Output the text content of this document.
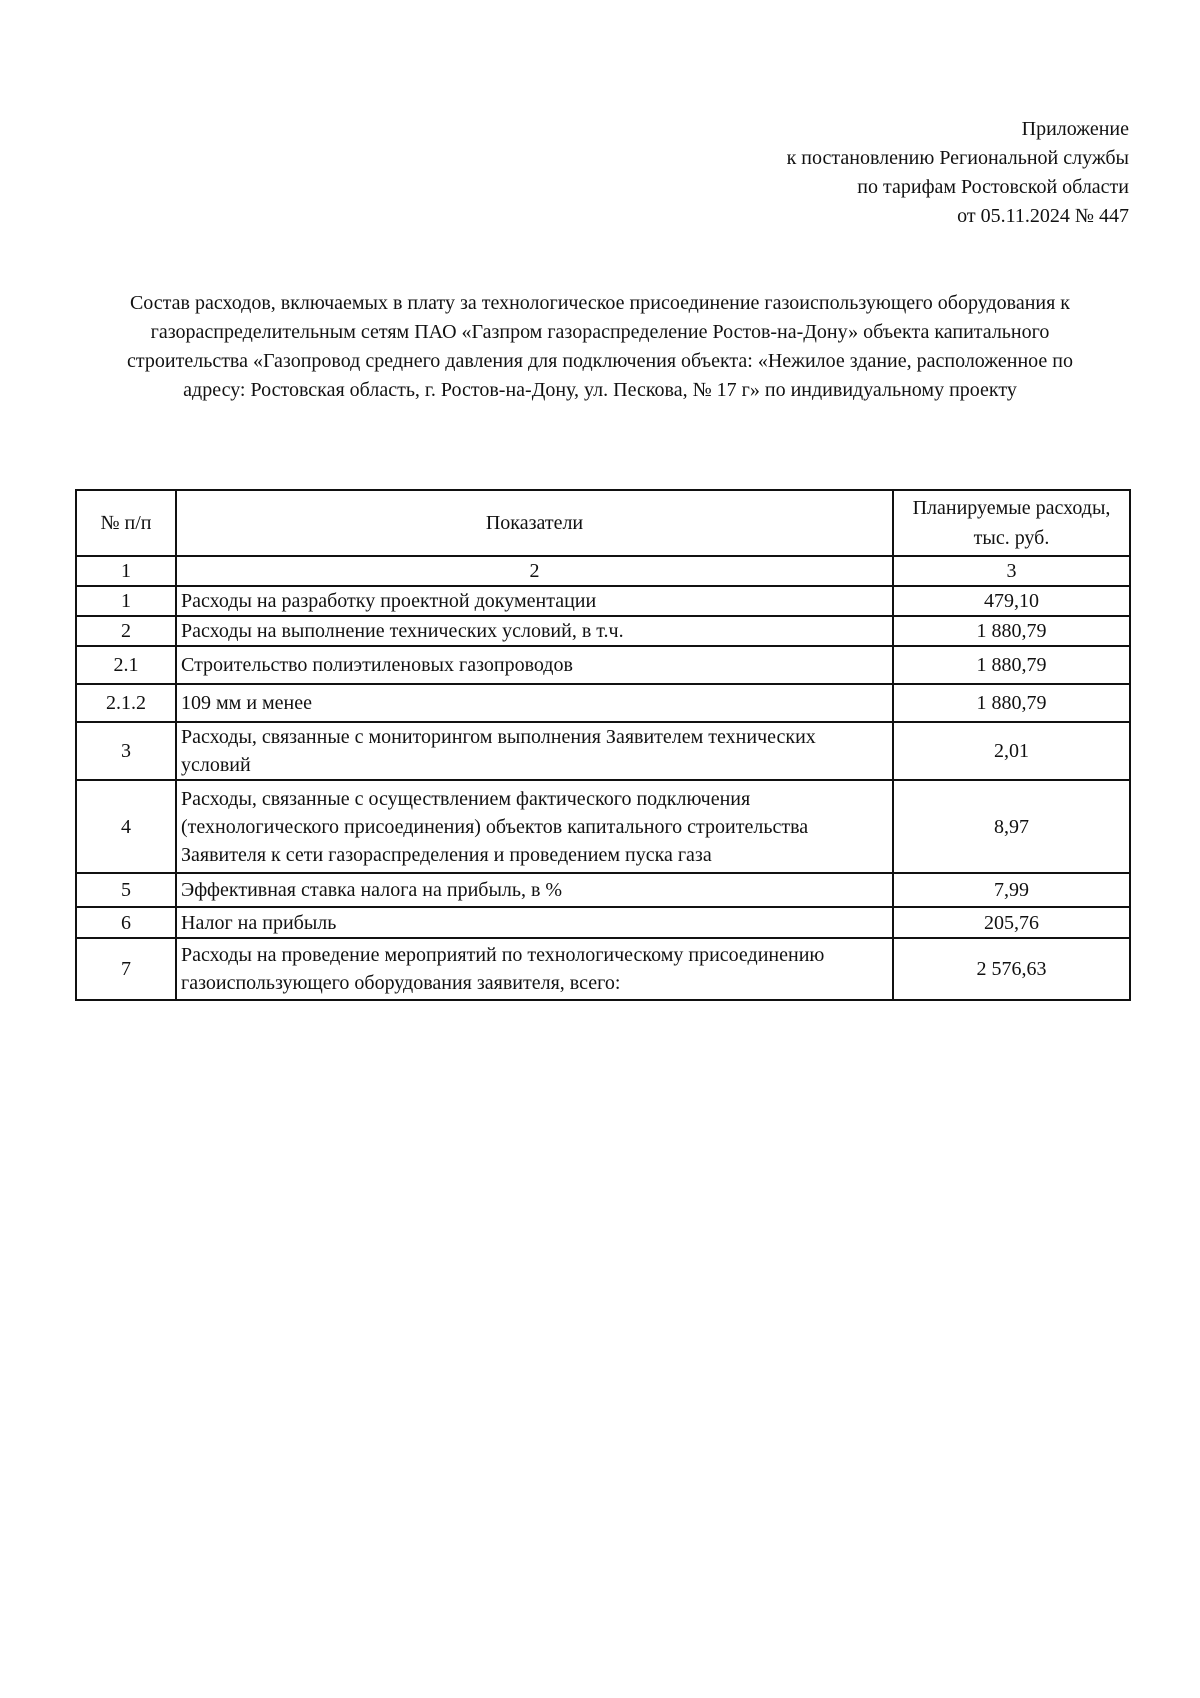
Приложение
к постановлению Региональной службы
по тарифам Ростовской области
от 05.11.2024 № 447
Состав расходов, включаемых в плату за технологическое присоединение газоиспользующего оборудования к
газораспределительным сетям ПАО «Газпром газораспределение Ростов-на-Дону» объекта капитального
строительства «Газопровод среднего давления для подключения объекта: «Нежилое здание, расположенное по
адресу: Ростовская область, г. Ростов-на-Дону, ул. Пескова, № 17 г» по индивидуальному проекту
№ п/п	Показатели	Планируемые расходы,
тыс. руб.
1	2	3
1	Расходы на разработку проектной документации	479,10
2	Расходы на выполнение технических условий, в т.ч.	1 880,79
2.1	Строительство полиэтиленовых газопроводов	1 880,79
2.1.2	109 мм и менее	1 880,79
3	Расходы, связанные с мониторингом выполнения Заявителем технических условий	2,01
4	Расходы, связанные с осуществлением фактического подключения (технологического присоединения) объектов капитального строительства Заявителя к сети газораспределения и проведением пуска газа	8,97
5	Эффективная ставка налога на прибыль, в %	7,99
6	Налог на прибыль	205,76
7	Расходы на проведение мероприятий по технологическому присоединению газоиспользующего оборудования заявителя, всего:	2 576,63
